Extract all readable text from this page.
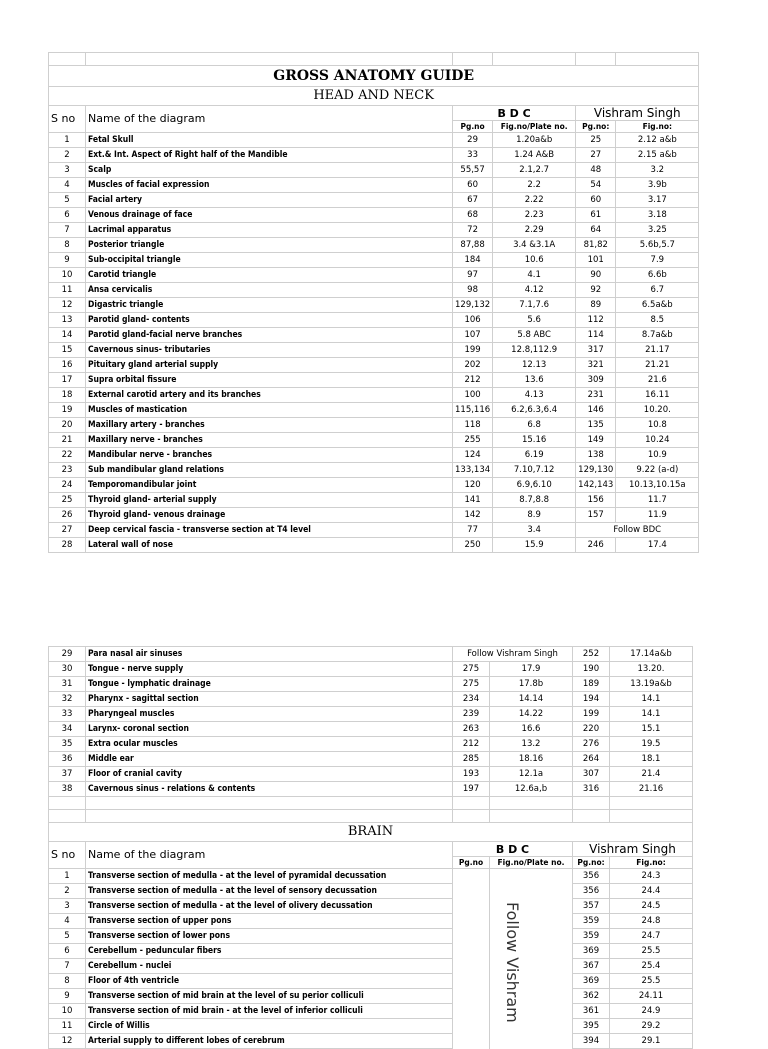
GROSS ANATOMY GUIDE					
HEAD AND NECK					
S no	Name of the diagram	B D C		Vishram Singh	
		Pg.no	Fig.no/Plate no.	Pg.no:	Fig.no:
1	Fetal Skull	29	1.20a&b	25	2.12 a&b
2	Ext.& Int. Aspect of Right half of the Mandible	33	1.24 A&B	27	2.15 a&b
3	Scalp	55,57	2.1,2.7	48	3.2
4	Muscles of facial expression	60	2.2	54	3.9b
5	Facial artery	67	2.22	60	3.17
6	Venous drainage of face	68	2.23	61	3.18
7	Lacrimal apparatus	72	2.29	64	3.25
8	Posterior triangle	87,88	3.4 &3.1A	81,82	5.6b,5.7
9	Sub-occipital triangle	184	10.6	101	7.9
10	Carotid triangle	97	4.1	90	6.6b
11	Ansa cervicalis	98	4.12	92	6.7
12	Digastric triangle	129,132	7.1,7.6	89	6.5a&b
13	Parotid gland- contents	106	5.6	112	8.5
14	Parotid gland-facial nerve branches	107	5.8 ABC	114	8.7a&b
15	Cavernous sinus- tributaries	199	12.8,112.9	317	21.17
16	Pituitary gland arterial supply	202	12.13	321	21.21
17	Supra orbital fissure	212	13.6	309	21.6
18	External carotid artery and its branches	100	4.13	231	16.11
19	Muscles of mastication	115,116	6.2,6.3,6.4	146	10.20.
20	Maxillary artery - branches	118	6.8	135	10.8
21	Maxillary nerve - branches	255	15.16	149	10.24
22	Mandibular nerve - branches	124	6.19	138	10.9
23	Sub mandibular gland relations	133,134	7.10,7.12	129,130	9.22 (a-d)
24	Temporomandibular joint	120	6.9,6.10	142,143	10.13,10.15a
25	Thyroid gland- arterial supply	141	8.7,8.8	156	11.7
26	Thyroid gland- venous drainage	142	8.9	157	11.9
27	Deep cervical fascia - transverse section at T4 level	77	3.4	Follow BDC	
28	Lateral wall of nose	250	15.9	246	17.4
29	Para nasal air sinuses	Follow Vishram Singh		252	17.14a&b
30	Tongue - nerve supply	275	17.9	190	13.20.
31	Tongue - lymphatic drainage	275	17.8b	189	13.19a&b
32	Pharynx - sagittal section	234	14.14	194	14.1
33	Pharyngeal muscles	239	14.22	199	14.1
34	Larynx- coronal section	263	16.6	220	15.1
35	Extra ocular muscles	212	13.2	276	19.5
36	Middle ear	285	18.16	264	18.1
37	Floor of cranial cavity	193	12.1a	307	21.4
38	Cavernous sinus - relations & contents	197	12.6a,b	316	21.16

BRAIN					
S no	Name of the diagram	B D C		Vishram Singh	
		Pg.no	Fig.no/Plate no.	Pg.no:	Fig.no:
1	Transverse section of medulla - at the level of pyramidal decussation			356	24.3
2	Transverse section of medulla - at the level of sensory decussation			356	24.4
3	Transverse section of medulla - at the level of olivery decussation			357	24.5
4	Transverse section of upper pons			359	24.8
5	Transverse section of lower pons			359	24.7
6	Cerebellum - peduncular fibers			369	25.5
7	Cerebellum - nuclei			367	25.4
8	Floor of 4th ventricle			369	25.5
9	Transverse section of mid brain at the level of su perior colliculi			362	24.11
10	Transverse section of mid brain - at the level of inferior colliculi			361	24.9
11	Circle of Willis			395	29.2
12	Arterial supply to different lobes of cerebrum			394	29.1
Follow Vishram
